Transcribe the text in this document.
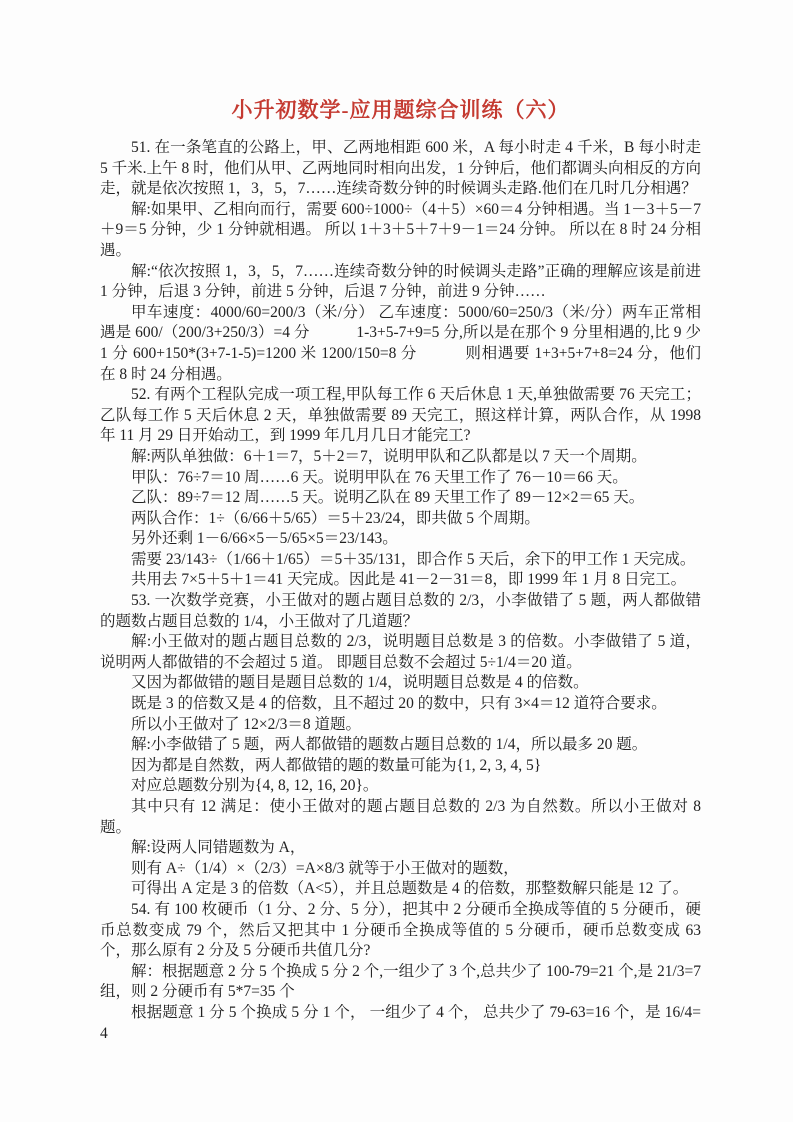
小升初数学-应用题综合训练（六）

51. 在一条笔直的公路上，甲、乙两地相距 600 米，A 每小时走 4 千米，B 每小时走 5 千米.上午 8 时，他们从甲、乙两地同时相向出发，1 分钟后，他们都调头向相反的方向走，就是依次按照 1，3，5，7……连续奇数分钟的时候调头走路.他们在几时几分相遇？

解:如果甲、乙相向而行，需要 600÷1000÷（4＋5）×60＝4 分钟相遇。当 1－3＋5－7＋9＝5 分钟，少 1 分钟就相遇。 所以 1＋3＋5＋7＋9－1＝24 分钟。 所以在 8 时 24 分相遇。

解:“依次按照 1，3，5，7……连续奇数分钟的时候调头走路”正确的理解应该是前进 1 分钟，后退 3 分钟，前进 5 分钟，后退 7 分钟，前进 9 分钟……

甲车速度：4000/60=200/3（米/分） 乙车速度：5000/60=250/3（米/分）两车正常相遇是 600/（200/3+250/3）=4 分　　　1-3+5-7+9=5 分,所以是在那个 9 分里相遇的,比 9 少 1 分 600+150*(3+7-1-5)=1200 米 1200/150=8 分　　　则相遇要 1+3+5+7+8=24 分，他们在 8 时 24 分相遇。

52. 有两个工程队完成一项工程,甲队每工作 6 天后休息 1 天,单独做需要 76 天完工；乙队每工作 5 天后休息 2 天，单独做需要 89 天完工，照这样计算，两队合作，从 1998 年 11 月 29 日开始动工，到 1999 年几月几日才能完工?

解:两队单独做：6＋1＝7，5＋2＝7，说明甲队和乙队都是以 7 天一个周期。

甲队：76÷7＝10 周……6 天。说明甲队在 76 天里工作了 76－10＝66 天。

乙队：89÷7＝12 周……5 天。说明乙队在 89 天里工作了 89－12×2＝65 天。

两队合作：1÷（6/66＋5/65）＝5＋23/24，即共做 5 个周期。

另外还剩 1－6/66×5－5/65×5＝23/143。

需要 23/143÷（1/66＋1/65）＝5＋35/131，即合作 5 天后，余下的甲工作 1 天完成。

共用去 7×5＋5＋1＝41 天完成。因此是 41－2－31＝8，即 1999 年 1 月 8 日完工。

53. 一次数学竞赛，小王做对的题占题目总数的 2/3，小李做错了 5 题，两人都做错的题数占题目总数的 1/4，小王做对了几道题？

解:小王做对的题占题目总数的 2/3，说明题目总数是 3 的倍数。小李做错了 5 道，说明两人都做错的不会超过 5 道。 即题目总数不会超过 5÷1/4＝20 道。

又因为都做错的题目是题目总数的 1/4，说明题目总数是 4 的倍数。

既是 3 的倍数又是 4 的倍数，且不超过 20 的数中，只有 3×4＝12 道符合要求。

所以小王做对了 12×2/3＝8 道题。

解:小李做错了 5 题，两人都做错的题数占题目总数的 1/4，所以最多 20 题。

因为都是自然数，两人都做错的题的数量可能为{1, 2, 3, 4, 5}

对应总题数分别为{4, 8, 12, 16, 20}。

其中只有 12 满足：使小王做对的题占题目总数的 2/3 为自然数。所以小王做对 8 题。

解:设两人同错题数为 A，

则有 A÷（1/4）×（2/3）=A×8/3 就等于小王做对的题数，

可得出 A 定是 3 的倍数（A<5），并且总题数是 4 的倍数，那整数解只能是 12 了。

54. 有 100 枚硬币（1 分、2 分、5 分），把其中 2 分硬币全换成等值的 5 分硬币，硬币总数变成 79 个，然后又把其中 1 分硬币全换成等值的 5 分硬币，硬币总数变成 63 个，那么原有 2 分及 5 分硬币共值几分?

解：根据题意 2 分 5 个换成 5 分 2 个,一组少了 3 个,总共少了 100-79=21 个,是 21/3=7 组，则 2 分硬币有 5*7=35 个

根据题意 1 分 5 个换成 5 分 1 个， 一组少了 4 个， 总共少了 79-63=16 个，是 16/4=4
